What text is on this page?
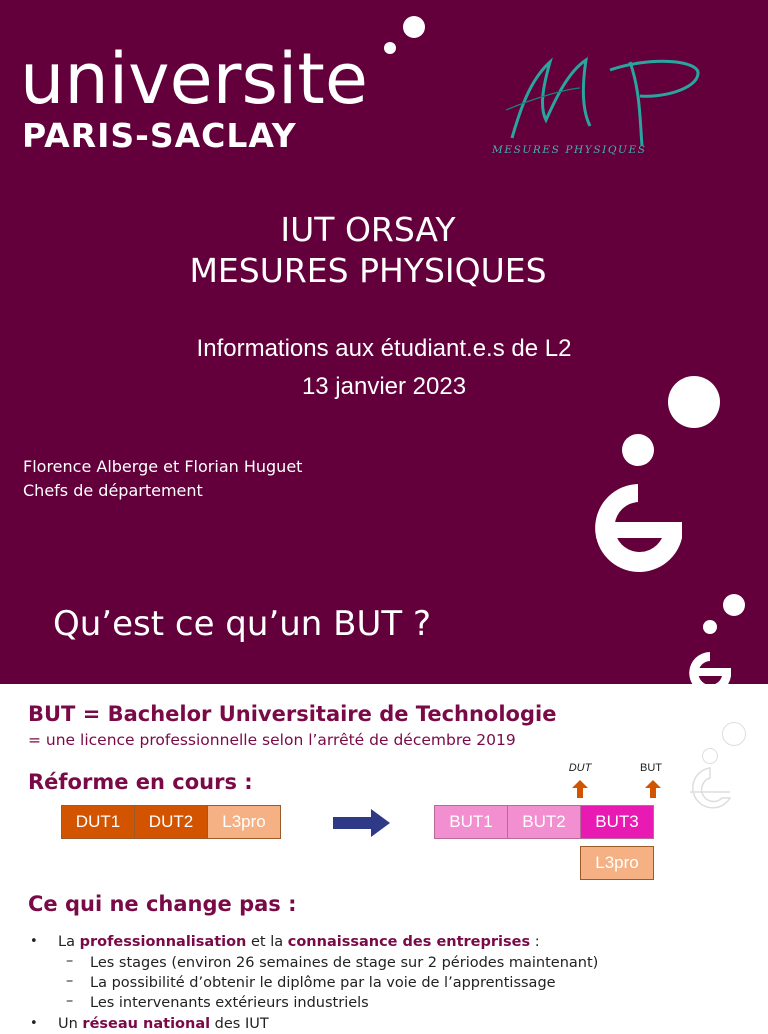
universite
PARIS-SACLAY	MESURES PHYSIQUES
IUT ORSAY
MESURES PHYSIQUES
Informations aux étudiant.e.s de L2
13 janvier 2023
Florence Alberge et Florian Huguet
Chefs de département
Qu’est ce qu’un BUT ?
BUT = Bachelor Universitaire de Technologie
= une licence professionnelle selon l’arrêté de décembre 2019
Réforme en cours :
DUT1	DUT2	L3pro
DUT	BUT
BUT1	BUT2	BUT3
L3pro
Ce qui ne change pas :
• La professionnalisation et la connaissance des entreprises :
– Les stages (environ 26 semaines de stage sur 2 périodes maintenant)
– La possibilité d’obtenir le diplôme par la voie de l’apprentissage
– Les intervenants extérieurs industriels
• Un réseau national des IUT
